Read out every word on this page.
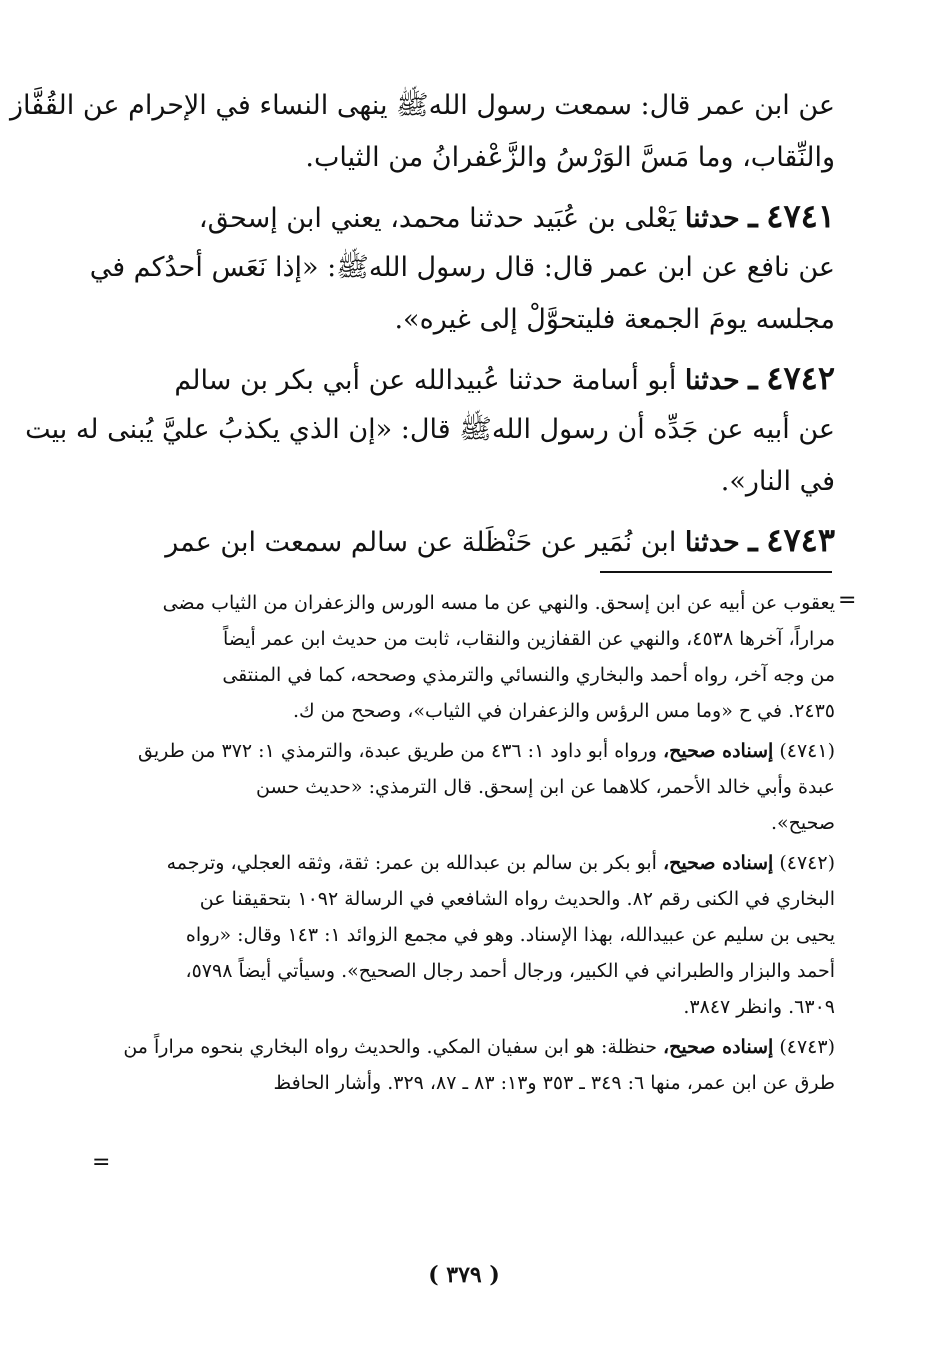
عن ابن عمر قال: سمعت رسول اللهﷺ ينهى النساء في الإحرام عن القُفَّاز
والنِّقاب، وما مَسَّ الوَرْسُ والزَّعْفرانُ من الثياب.
٤٧٤١ ـ حدثنا يَعْلى بن عُبَيد حدثنا محمد، يعني ابن إسحق،
عن نافع عن ابن عمر قال: قال رسول اللهﷺ: «إذا نَعَس أحدُكم في
مجلسه يومَ الجمعة فليتحوَّلْ إلى غيره».
٤٧٤٢ ـ حدثنا أبو أسامة حدثنا عُبيدالله عن أبي بكر بن سالم
عن أبيه عن جَدِّه أن رسول اللهﷺ قال: «إن الذي يكذبُ عليَّ يُبنى له بيت
في النار».
٤٧٤٣ ـ حدثنا ابن نُمَير عن حَنْظَلة عن سالم سمعت ابن عمر
=
يعقوب عن أبيه عن ابن إسحق. والنهي عن ما مسه الورس والزعفران من الثياب مضى
مراراً، آخرها ٤٥٣٨، والنهي عن القفازين والنقاب، ثابت من حديث ابن عمر أيضاً
من وجه آخر، رواه أحمد والبخاري والنسائي والترمذي وصححه، كما في المنتقى
٢٤٣٥. في ح «وما مس الرؤس والزعفران في الثياب»، وصحح من ك.
(٤٧٤١) إسناده صحيح، ورواه أبو داود ١: ٤٣٦ من طريق عبدة، والترمذي ١: ٣٧٢ من طريق
عبدة وأبي خالد الأحمر، كلاهما عن ابن إسحق. قال الترمذي: «حديث حسن
صحيح».
(٤٧٤٢) إسناده صحيح، أبو بكر بن سالم بن عبدالله بن عمر: ثقة، وثقه العجلي، وترجمه
البخاري في الكنى رقم ٨٢. والحديث رواه الشافعي في الرسالة ١٠٩٢ بتحقيقنا عن
يحيى بن سليم عن عبيدالله، بهذا الإسناد. وهو في مجمع الزوائد ١: ١٤٣ وقال: «رواه
أحمد والبزار والطبراني في الكبير، ورجال أحمد رجال الصحيح». وسيأتي أيضاً ٥٧٩٨،
٦٣٠٩. وانظر ٣٨٤٧.
(٤٧٤٣) إسناده صحيح، حنظلة: هو ابن سفيان المكي. والحديث رواه البخاري بنحوه مراراً من
طرق عن ابن عمر، منها ٦: ٣٤٩ ـ ٣٥٣ و١٣: ٨٣ ـ ٨٧، ٣٢٩. وأشار الحافظ
=
( ٣٧٩ )
